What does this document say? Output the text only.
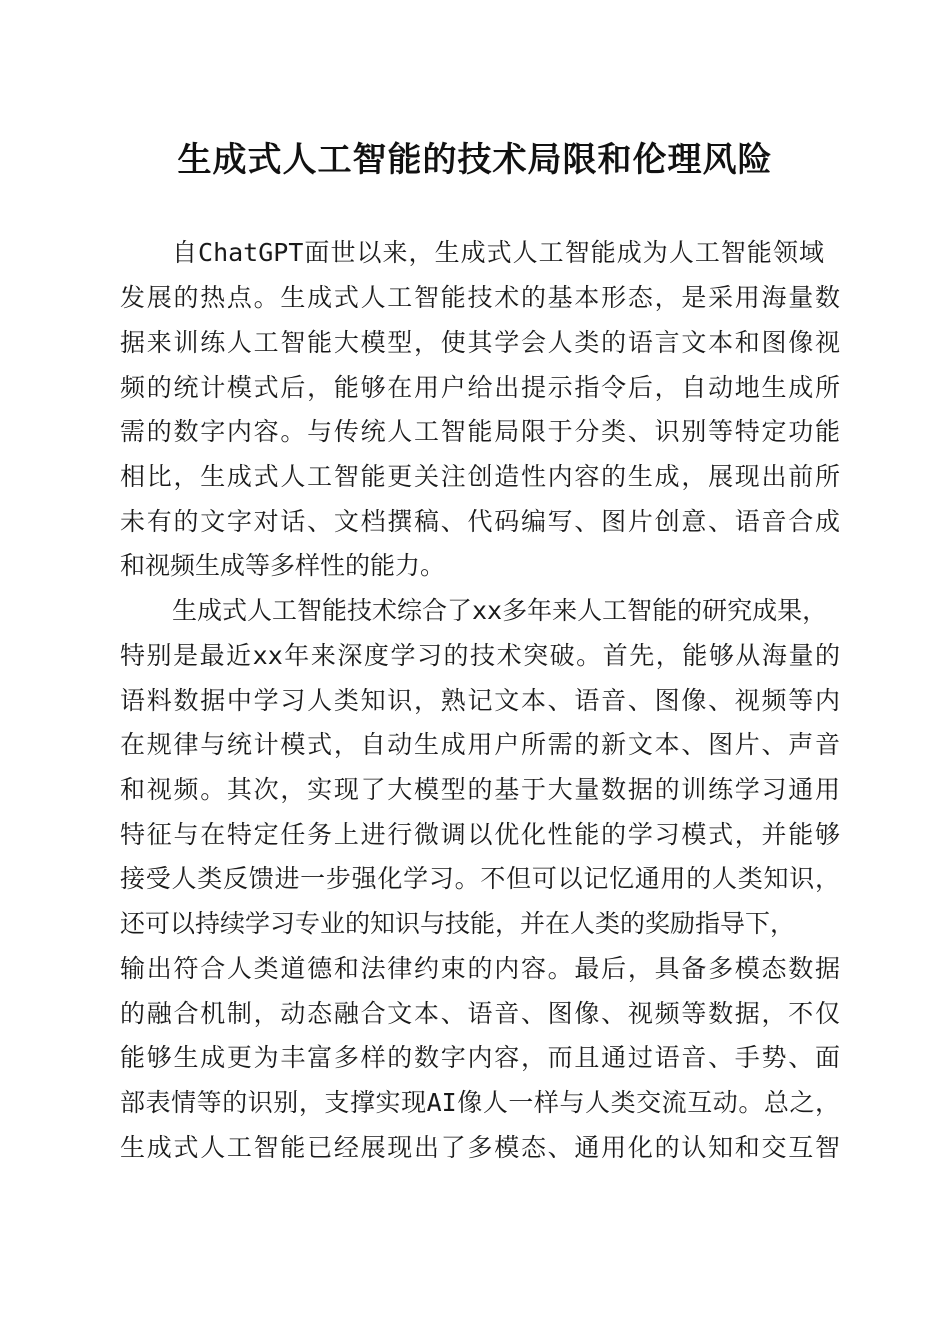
生成式人工智能的技术局限和伦理风险
自ChatGPT面世以来，生成式人工智能成为人工智能领域
发展的热点。生成式人工智能技术的基本形态，是采用海量数
据来训练人工智能大模型，使其学会人类的语言文本和图像视
频的统计模式后，能够在用户给出提示指令后，自动地生成所
需的数字内容。与传统人工智能局限于分类、识别等特定功能
相比，生成式人工智能更关注创造性内容的生成，展现出前所
未有的文字对话、文档撰稿、代码编写、图片创意、语音合成
和视频生成等多样性的能力。
生成式人工智能技术综合了xx多年来人工智能的研究成果，
特别是最近xx年来深度学习的技术突破。首先，能够从海量的
语料数据中学习人类知识，熟记文本、语音、图像、视频等内
在规律与统计模式，自动生成用户所需的新文本、图片、声音
和视频。其次，实现了大模型的基于大量数据的训练学习通用
特征与在特定任务上进行微调以优化性能的学习模式，并能够
接受人类反馈进一步强化学习。不但可以记忆通用的人类知识，
还可以持续学习专业的知识与技能，并在人类的奖励指导下，
输出符合人类道德和法律约束的内容。最后，具备多模态数据
的融合机制，动态融合文本、语音、图像、视频等数据，不仅
能够生成更为丰富多样的数字内容，而且通过语音、手势、面
部表情等的识别，支撑实现AI像人一样与人类交流互动。总之，
生成式人工智能已经展现出了多模态、通用化的认知和交互智
